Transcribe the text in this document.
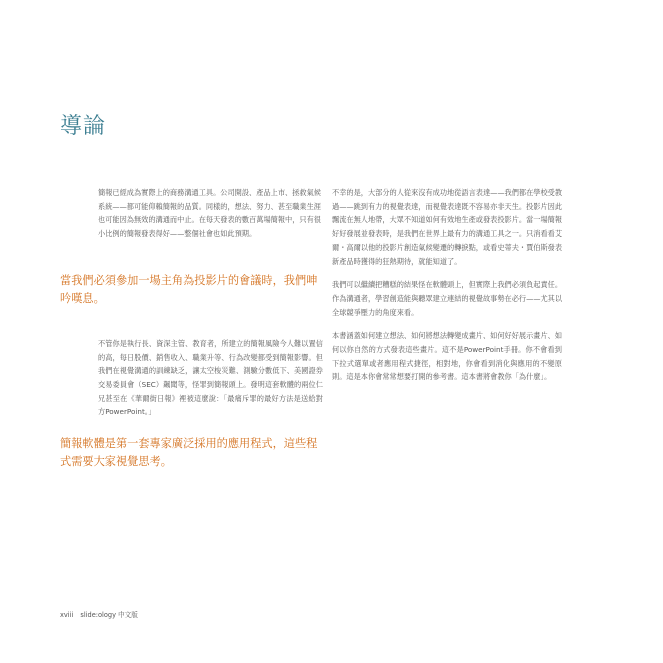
導論

簡報已經成為實際上的商務溝通工具。公司開設、產品上市、拯救氣候系統——都可能仰賴簡報的品質。同樣的，想法、努力、甚至職業生涯也可能因為無效的溝通而中止。在每天發表的數百萬場簡報中，只有很小比例的簡報發表得好——整個社會也如此預期。

當我們必須參加一場主角為投影片的會議時，我們呻吟嘆息。

不管你是執行長、資深主管、教育者，所建立的簡報風險今人難以置信的高，每日股價、銷售收入、職業升等、行為改變都受到簡報影響。但我們在視覺溝通的訓練缺乏，讓太空梭災難、測驗分數低下、美國證券交易委員會（SEC）飆聞等，怪罪到簡報頭上。發明這套軟體的兩位仁兄甚至在《華爾街日報》裡被這麼說：「最痛斥罪的最好方法是送給對方PowerPoint。」

簡報軟體是第一套專家廣泛採用的應用程式，這些程式需要大家視覺思考。

不幸的是，大部分的人從來沒有成功地從語言表達——我們都在學校受教過——跳到有力的視覺表達，而視覺表達既不容易亦非天生。投影片因此飄流在無人地帶，大眾不知道如何有效地生產或發表投影片。當一場簡報好好發展並發表時，是我們在世界上最有力的溝通工具之一。只消看看艾爾・高爾以他的投影片創造氣候變遷的轉捩點，或看史蒂夫・賈伯斯發表新產品時獲得的狂熱期待，就能知道了。

我們可以繼續把糟糕的結果怪在軟體頭上，但實際上我們必須負起責任。作為溝通者，學習創造能與聽眾建立連結的視覺故事勢在必行——尤其以全球競爭壓力的角度來看。

本書涵蓋如何建立想法、如何將想法轉變成畫片、如何好好展示畫片、如何以你自然的方式發表這些畫片。這不是PowerPoint手冊。你不會看到下拉式選單或者應用程式捷徑，相對地，你會看到消化與應用的不變原則。這是本你會常常想要打開的參考書。這本書將會教你「為什麼」。

xviii slide:ology 中文版
